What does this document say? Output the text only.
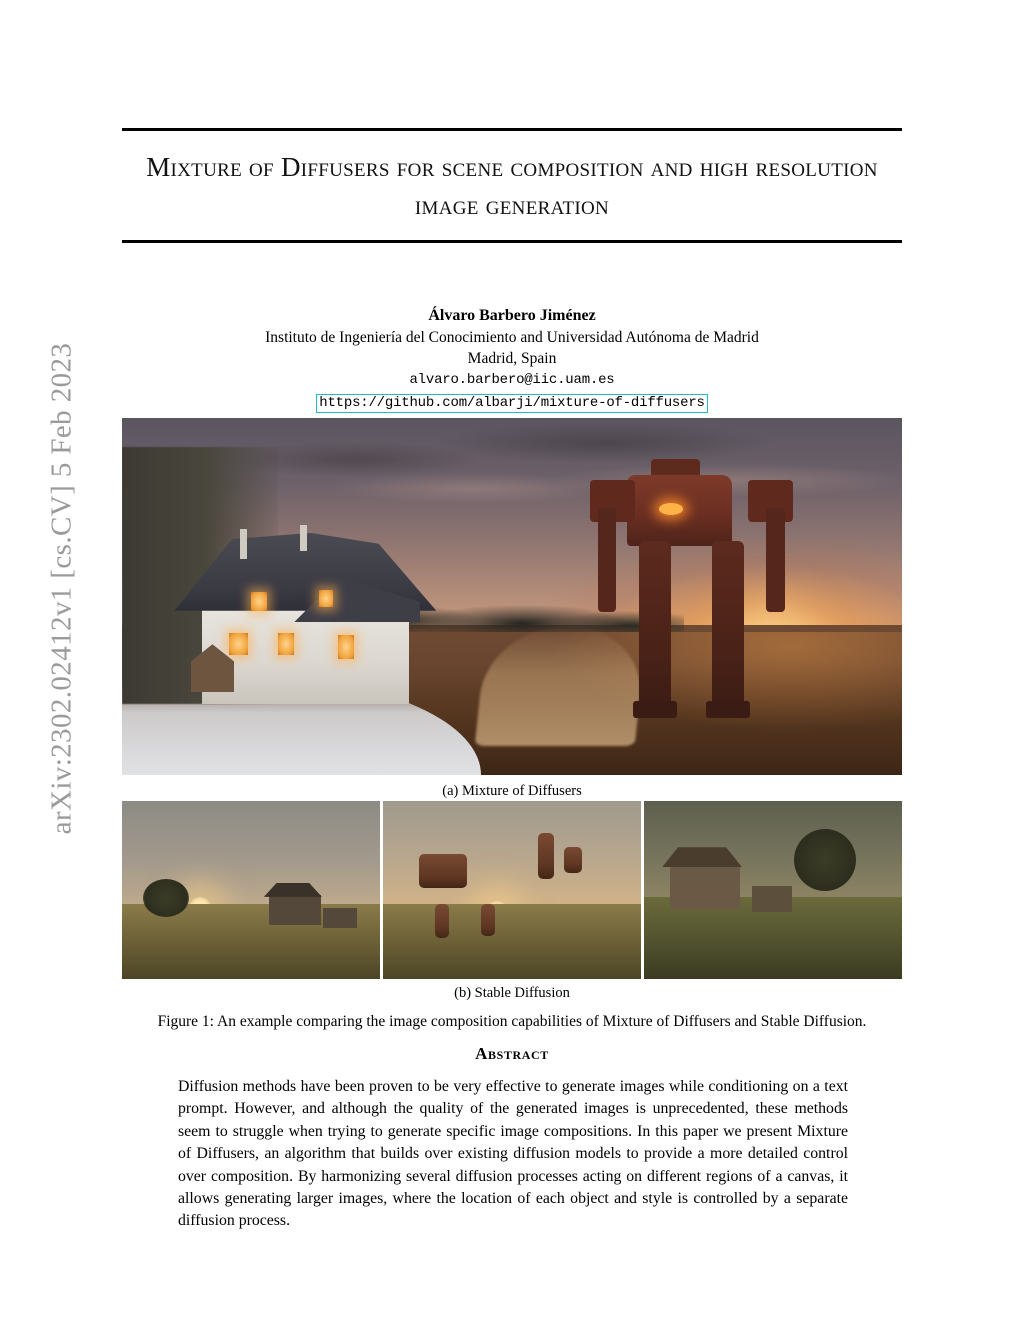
arXiv:2302.02412v1 [cs.CV] 5 Feb 2023
Mixture of Diffusers for scene composition and high resolution image generation
Álvaro Barbero Jiménez
Instituto de Ingeniería del Conocimiento and Universidad Autónoma de Madrid
Madrid, Spain
alvaro.barbero@iic.uam.es
https://github.com/albarji/mixture-of-diffusers
(a) Mixture of Diffusers
(b) Stable Diffusion
Figure 1: An example comparing the image composition capabilities of Mixture of Diffusers and Stable Diffusion.
Abstract
Diffusion methods have been proven to be very effective to generate images while conditioning on a text prompt. However, and although the quality of the generated images is unprecedented, these methods seem to struggle when trying to generate specific image compositions. In this paper we present Mixture of Diffusers, an algorithm that builds over existing diffusion models to provide a more detailed control over composition. By harmonizing several diffusion processes acting on different regions of a canvas, it allows generating larger images, where the location of each object and style is controlled by a separate diffusion process.
